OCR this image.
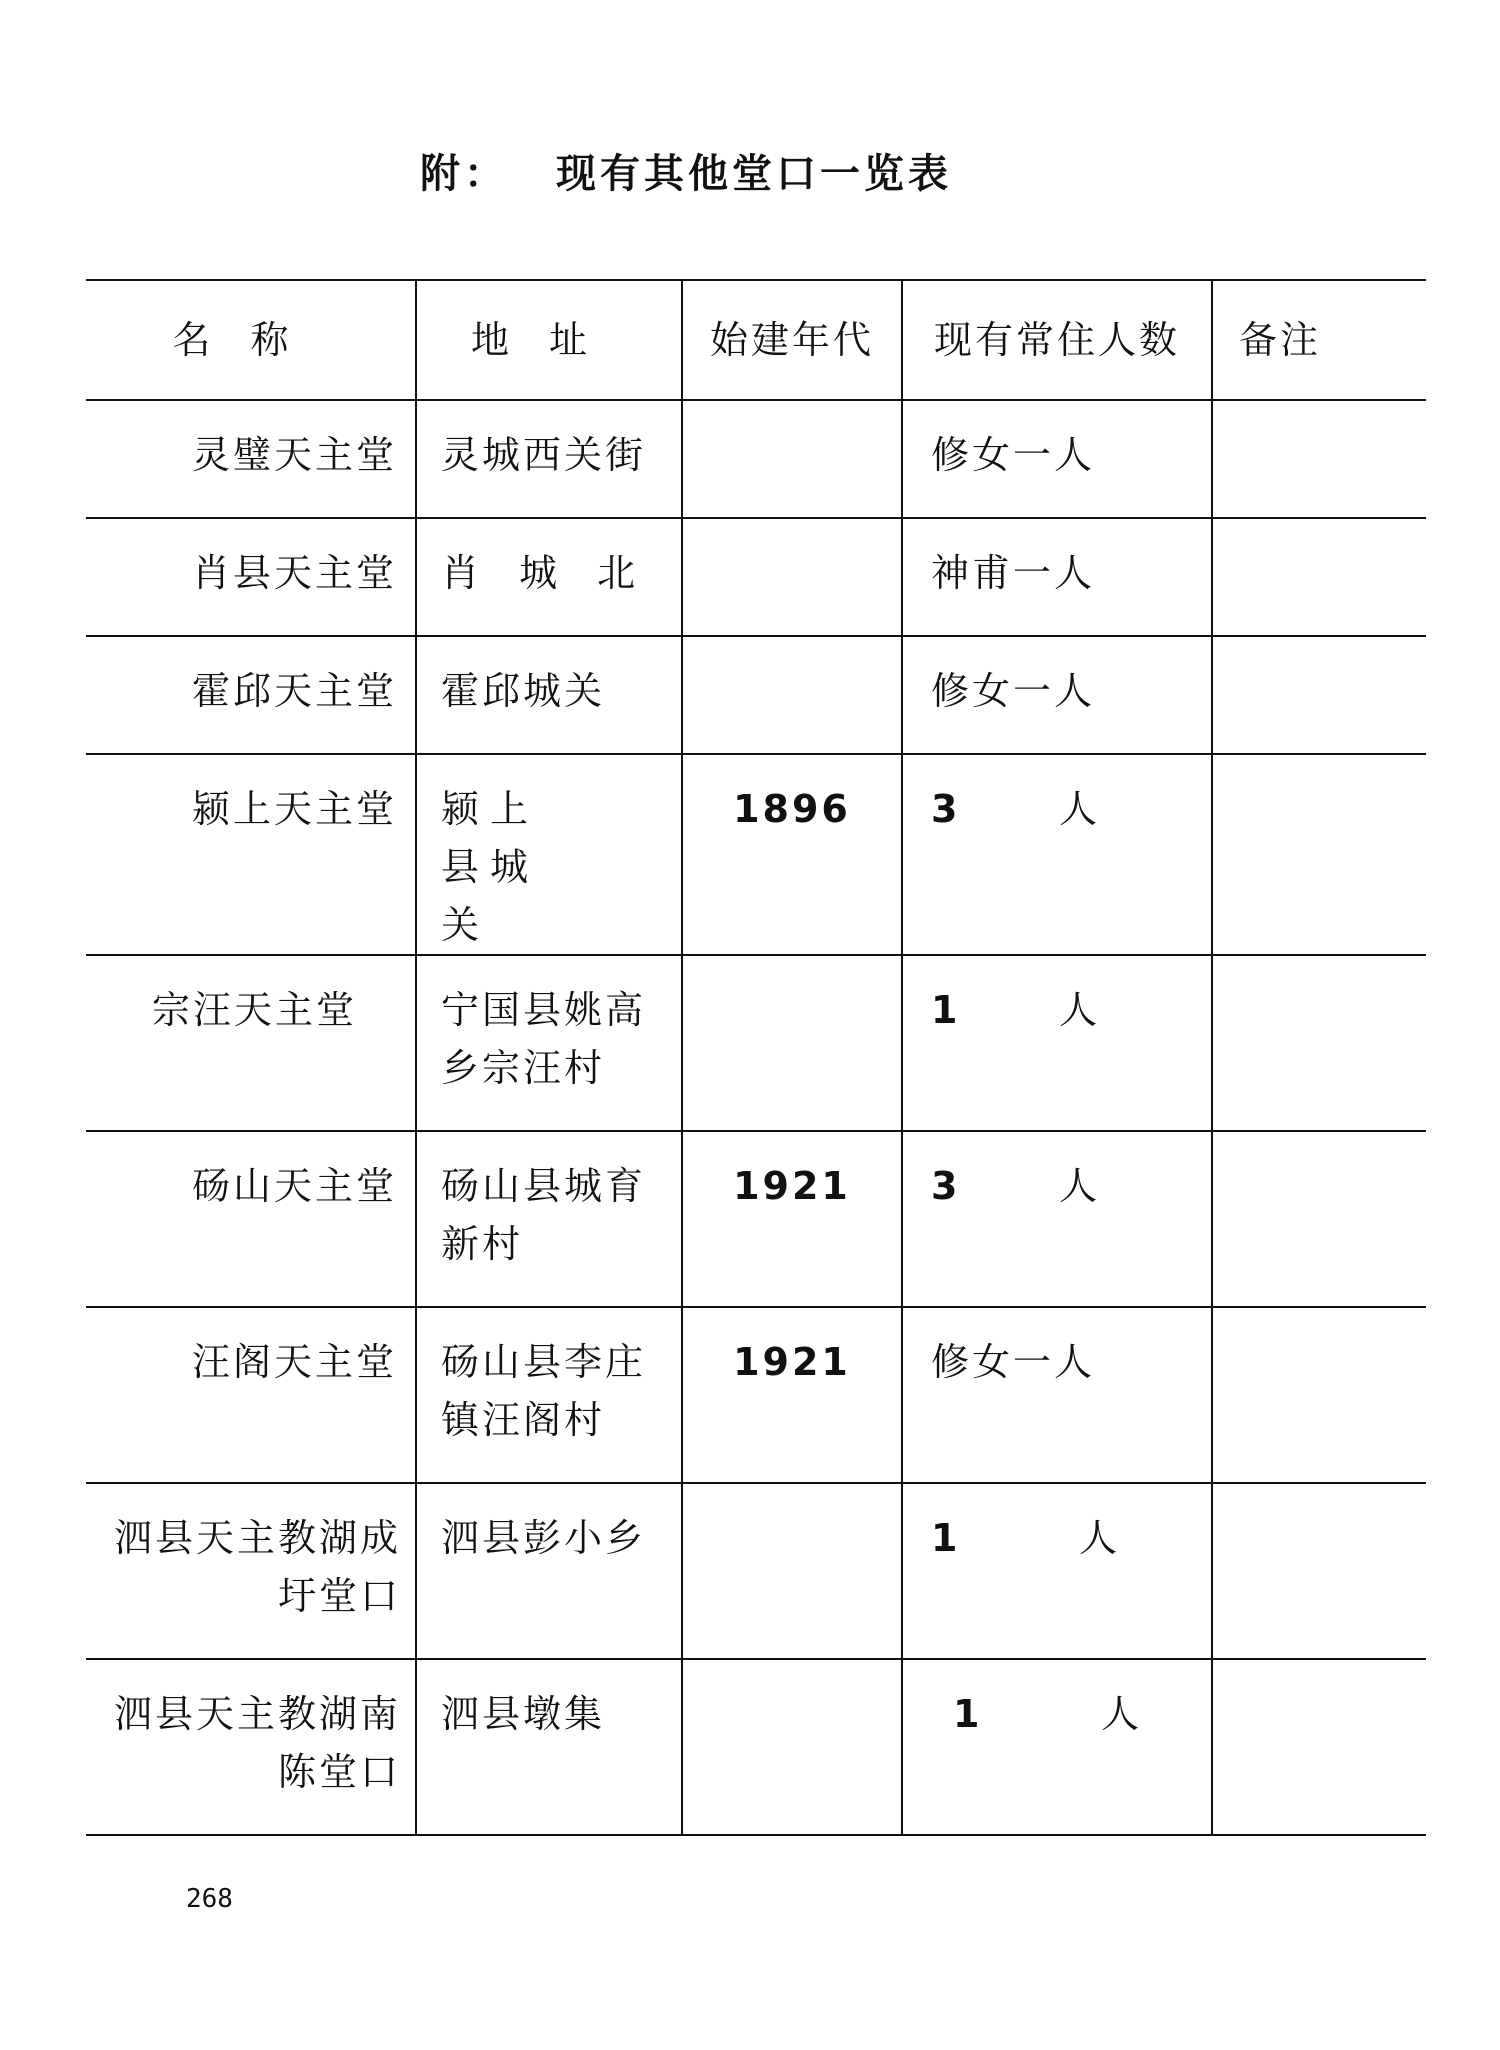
附： 现有其他堂口一览表
名称	地址	始建年代	现有常住人数	备注

灵璧天主堂	灵城西关街		修女一人	

肖县天主堂	肖 城 北		神甫一人	

霍邱天主堂	霍邱城关		修女一人	

颍上天主堂	颍上县城关	1896	3 人	

宗汪天主堂	宁国县姚高乡宗汪村		1 人	

砀山天主堂	砀山县城育新村	1921	3 人	

汪阁天主堂	砀山县李庄镇汪阁村	1921	修女一人	

泗县天主教湖成圩堂口	泗县彭小乡		1 人	

泗县天主教湖南陈堂口	泗县墩集		1 人	

268
